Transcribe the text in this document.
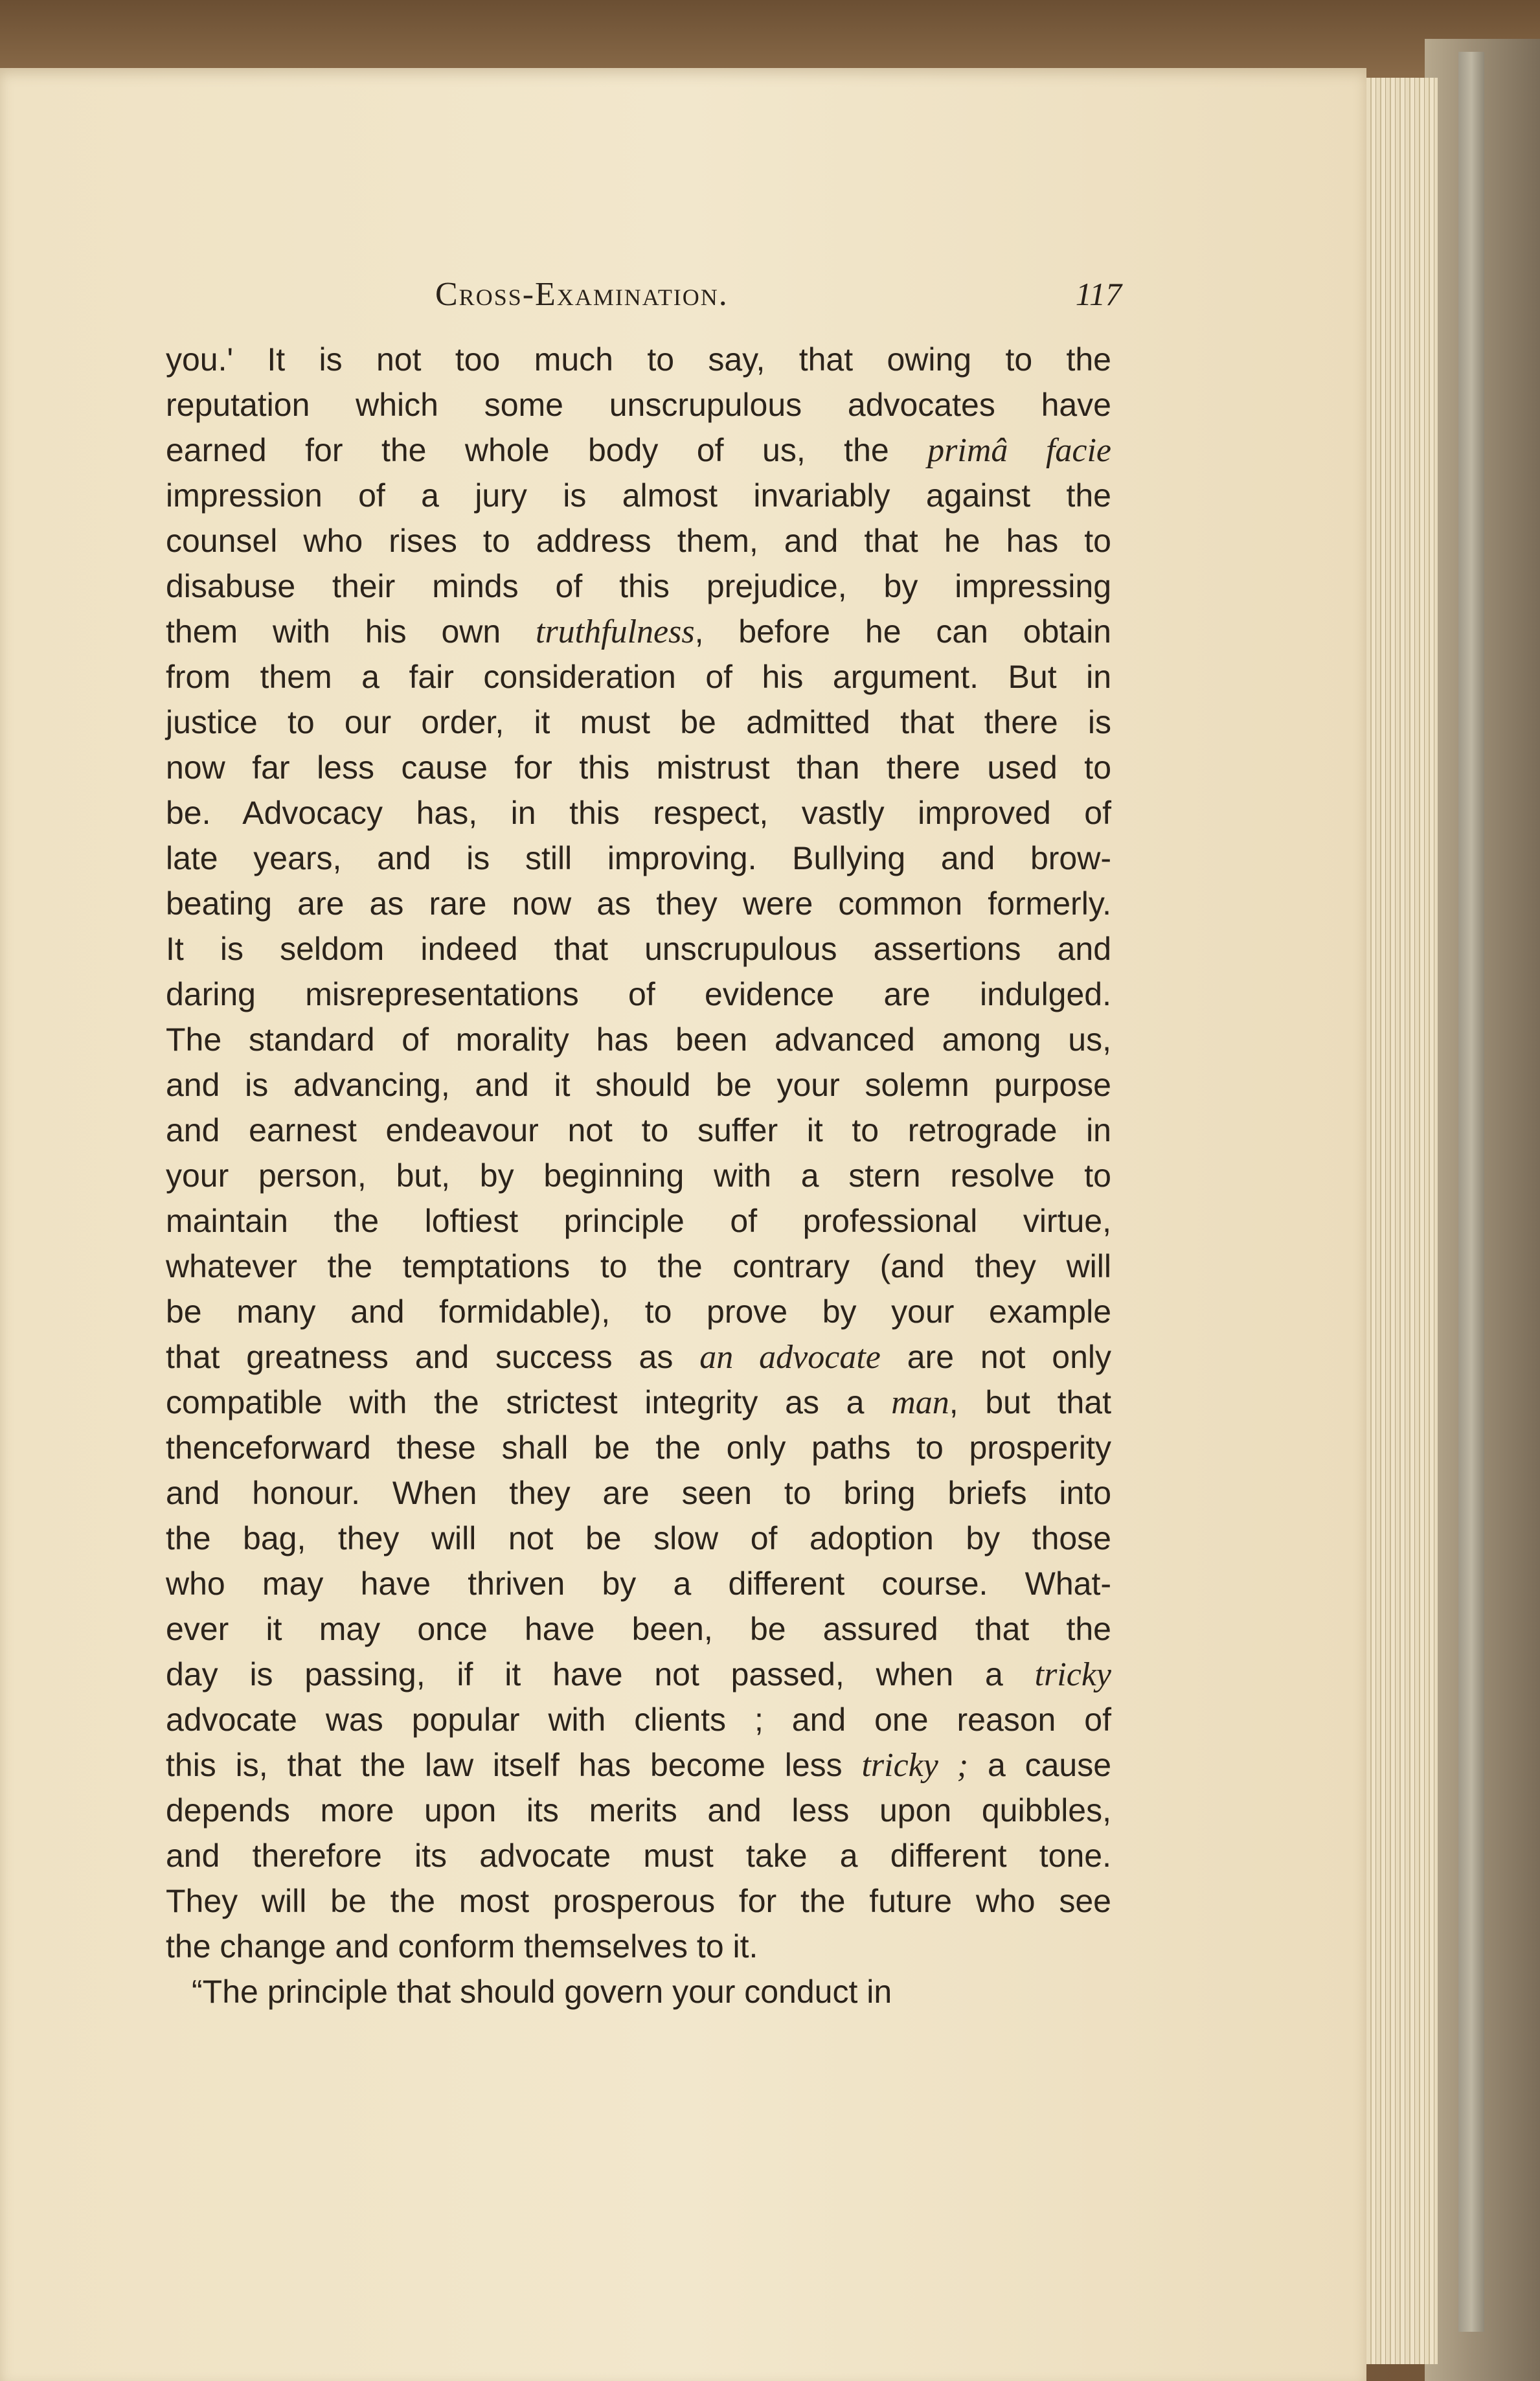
Cross-Examination.	117
you.' It is not too much to say, that owing to the
reputation which some unscrupulous advocates have
earned for the whole body of us, the primâ facie
impression of a jury is almost invariably against the
counsel who rises to address them, and that he has to
disabuse their minds of this prejudice, by impressing
them with his own truthfulness, before he can obtain
from them a fair consideration of his argument. But in
justice to our order, it must be admitted that there is
now far less cause for this mistrust than there used to
be. Advocacy has, in this respect, vastly improved of
late years, and is still improving. Bullying and brow-
beating are as rare now as they were common formerly.
It is seldom indeed that unscrupulous assertions and
daring misrepresentations of evidence are indulged.
The standard of morality has been advanced among us,
and is advancing, and it should be your solemn purpose
and earnest endeavour not to suffer it to retrograde in
your person, but, by beginning with a stern resolve to
maintain the loftiest principle of professional virtue,
whatever the temptations to the contrary (and they will
be many and formidable), to prove by your example
that greatness and success as an advocate are not only
compatible with the strictest integrity as a man, but that
thenceforward these shall be the only paths to prosperity
and honour. When they are seen to bring briefs into
the bag, they will not be slow of adoption by those
who may have thriven by a different course. What-
ever it may once have been, be assured that the
day is passing, if it have not passed, when a tricky
advocate was popular with clients ; and one reason of
this is, that the law itself has become less tricky ; a cause
depends more upon its merits and less upon quibbles,
and therefore its advocate must take a different tone.
They will be the most prosperous for the future who see
the change and conform themselves to it.
“The principle that should govern your conduct in
